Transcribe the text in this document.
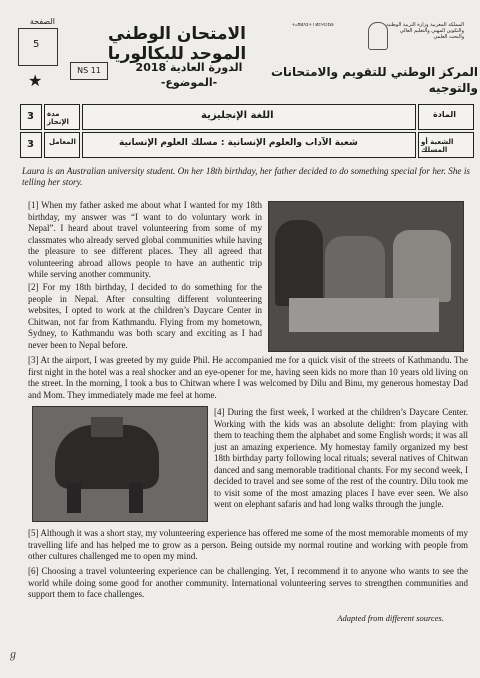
الصفحة
5
★
NS 11
الامتحان الوطني الموحد للبكالوريا
الدورة العادية 2018
-الموضوع-
ⵜⴰⴳⵍⴷⵉⵜ ⵏ ⵍⵎⵖⵔⵉⴱ	المملكة المغربية وزارة التربية الوطنية والتكوين المهني والتعليم العالي والبحث العلمي
المركز الوطني للتقويم والامتحانات والتوجيه
3 مدة الإنجاز
3 المعامل
اللغة الإنجليزية
شعبة الآداب والعلوم الإنسانية : مسلك العلوم الإنسانية
المادة
الشعبة أو المسلك
Laura is an Australian university student. On her 18th birthday, her father decided to do something special for her. She is telling her story.
[1] When my father asked me about what I wanted for my 18th birthday, my answer was “I want to do voluntary work in Nepal”. I heard about travel volunteering from some of my classmates who already served global communities while having the pleasure to see different places. They all agreed that volunteering abroad allows people to have an authentic trip while serving another community.
[2] For my 18th birthday, I decided to do something for the people in Nepal. After consulting different volunteering websites, I opted to work at the children’s Daycare Center in Chitwan, not far from Kathmandu. Flying from my hometown, Sydney, to Kathmandu was both scary and exciting as I had never been to Nepal before.
[3] At the airport, I was greeted by my guide Phil. He accompanied me for a quick visit of the streets of Kathmandu. The first night in the hotel was a real shocker and an eye-opener for me, having seen kids no more than 10 years old living on the street. In the morning, I took a bus to Chitwan where I was welcomed by Dilu and Binu, my generous homestay Dad and Mom. They immediately made me feel at home.
[4] During the first week, I worked at the children’s Daycare Center. Working with the kids was an absolute delight: from playing with them to teaching them the alphabet and some English words; it was all just an amazing experience. My homestay family organized my best 18th birthday party following local rituals; several natives of Chitwan danced and sang memorable traditional chants. For my second week, I decided to travel and see some of the rest of the country. Dilu took me to visit some of the most amazing places I have ever seen. We also went on elephant safaris and had long walks through the jungle.
[5] Although it was a short stay, my volunteering experience has offered me some of the most memorable moments of my travelling life and has helped me to grow as a person. Being outside my normal routine and working with people from other cultures challenged me to open my mind.
[6] Choosing a travel volunteering experience can be challenging. Yet, I recommend it to anyone who wants to see the world while doing some good for another community. International volunteering serves to strengthen communities and support them to face challenges.
Adapted from different sources.
ℊ
